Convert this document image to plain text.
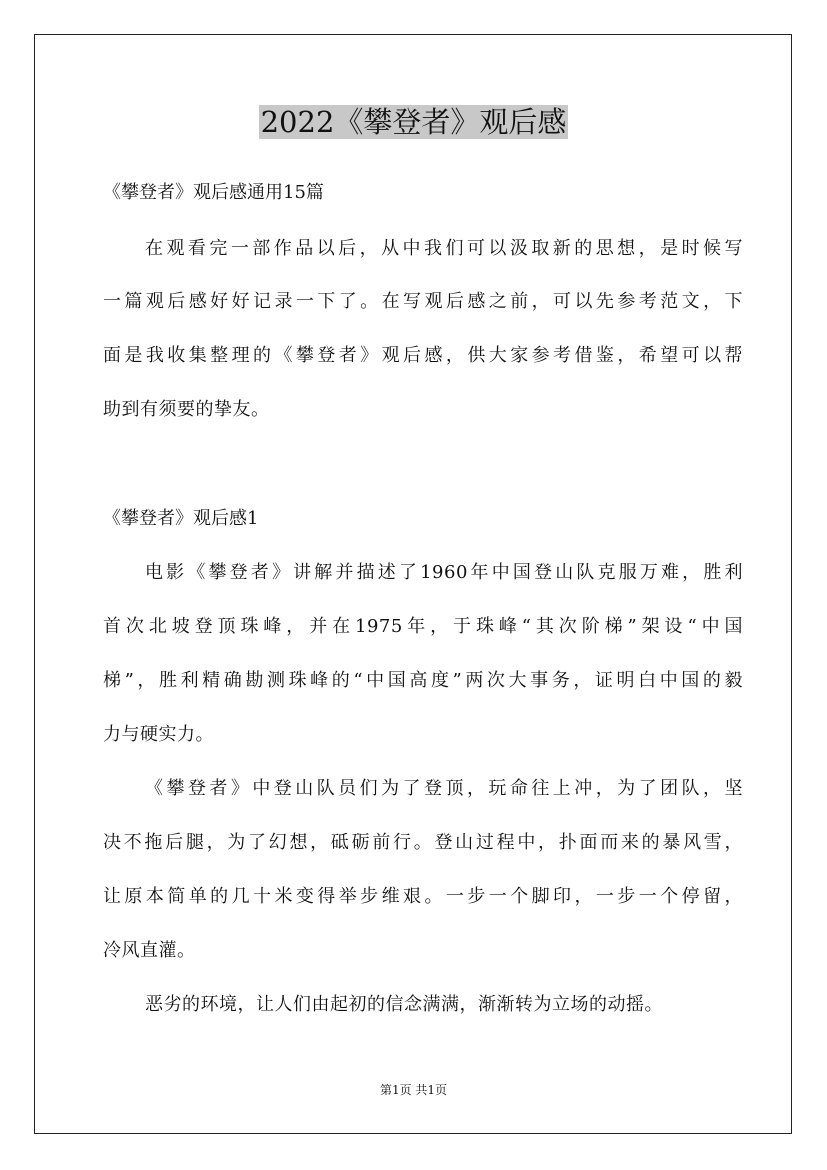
2022《攀登者》观后感

《攀登者》观后感通用15篇

在观看完一部作品以后，从中我们可以汲取新的思想，是时候写

一篇观后感好好记录一下了。在写观后感之前，可以先参考范文，下

面是我收集整理的《攀登者》观后感，供大家参考借鉴，希望可以帮

助到有须要的挚友。

《攀登者》观后感1

电影《攀登者》讲解并描述了1960年中国登山队克服万难，胜利

首次北坡登顶珠峰，并在1975年，于珠峰“其次阶梯”架设“中国

梯”，胜利精确勘测珠峰的“中国高度”两次大事务，证明白中国的毅

力与硬实力。

《攀登者》中登山队员们为了登顶，玩命往上冲，为了团队，坚

决不拖后腿，为了幻想，砥砺前行。登山过程中，扑面而来的暴风雪，

让原本简单的几十米变得举步维艰。一步一个脚印，一步一个停留，

冷风直灌。

恶劣的环境，让人们由起初的信念满满，渐渐转为立场的动摇。

第1页 共1页
